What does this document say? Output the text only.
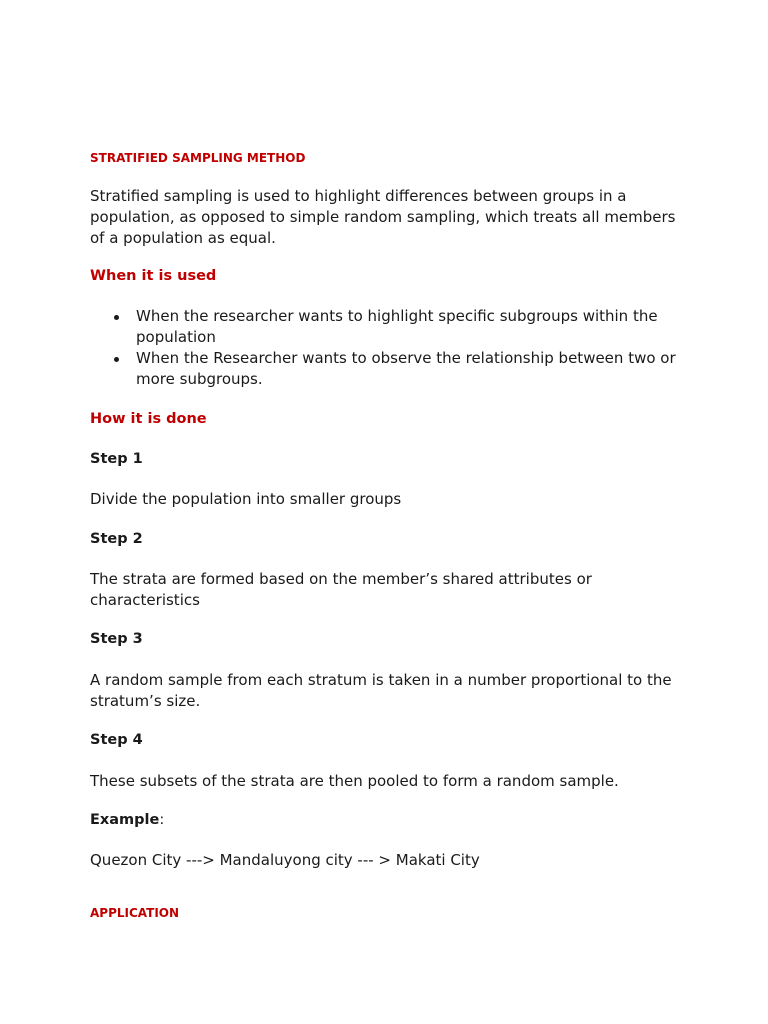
STRATIFIED SAMPLING METHOD
Stratified sampling is used to highlight differences between groups in a population, as opposed to simple random sampling, which treats all members of a population as equal.
When it is used
When the researcher wants to highlight specific subgroups within the population
When the Researcher wants to observe the relationship between two or more subgroups.
How it is done
Step 1
Divide the population into smaller groups
Step 2
The strata are formed based on the member’s shared attributes or characteristics
Step 3
A random sample from each stratum is taken in a number proportional to the stratum’s size.
Step 4
These subsets of the strata are then pooled to form a random sample.
Example:
Quezon City ---> Mandaluyong city --- > Makati City
APPLICATION
